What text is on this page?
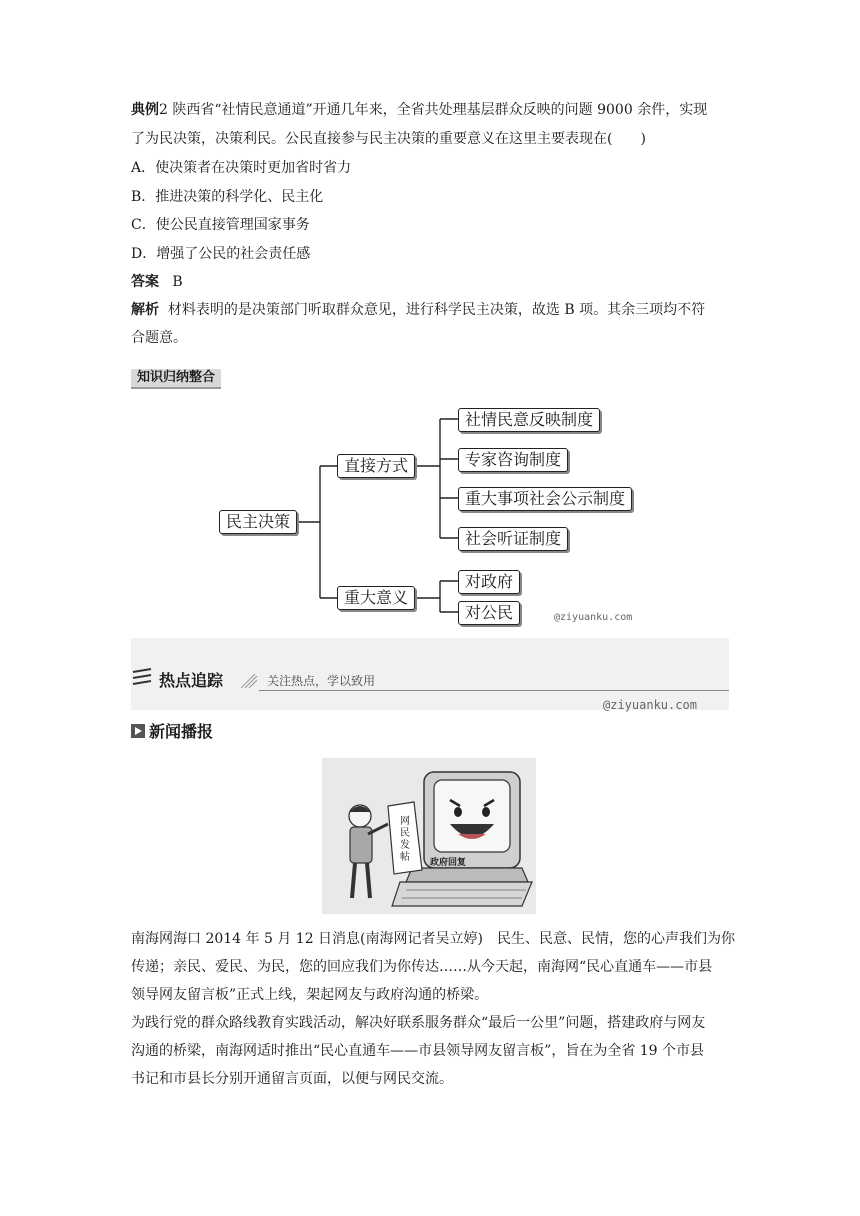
典例2 陕西省“社情民意通道”开通几年来，全省共处理基层群众反映的问题 9000 余件，实现
了为民决策，决策利民。公民直接参与民主决策的重要意义在这里主要表现在(　　)
A．使决策者在决策时更加省时省力
B．推进决策的科学化、民主化
C．使公民直接管理国家事务
D．增强了公民的社会责任感
答案 B
解析 材料表明的是决策部门听取群众意见，进行科学民主决策，故选 B 项。其余三项均不符
合题意。
知识归纳整合
民主决策
直接方式
重大意义
社情民意反映制度
专家咨询制度
重大事项社会公示制度
社会听证制度
对政府
对公民	@ziyuanku.com
热点追踪	关注热点，学以致用
@ziyuanku.com
新闻播报
网民发帖	政府回复
南海网海口 2014 年 5 月 12 日消息(南海网记者吴立婷)　民生、民意、民情，您的心声我们为你
传递；亲民、爱民、为民，您的回应我们为你传达……从今天起，南海网“民心直通车——市县
领导网友留言板”正式上线，架起网友与政府沟通的桥梁。
为践行党的群众路线教育实践活动，解决好联系服务群众“最后一公里”问题，搭建政府与网友
沟通的桥梁，南海网适时推出“民心直通车——市县领导网友留言板”，旨在为全省 19 个市县
书记和市县长分别开通留言页面，以便与网民交流。
